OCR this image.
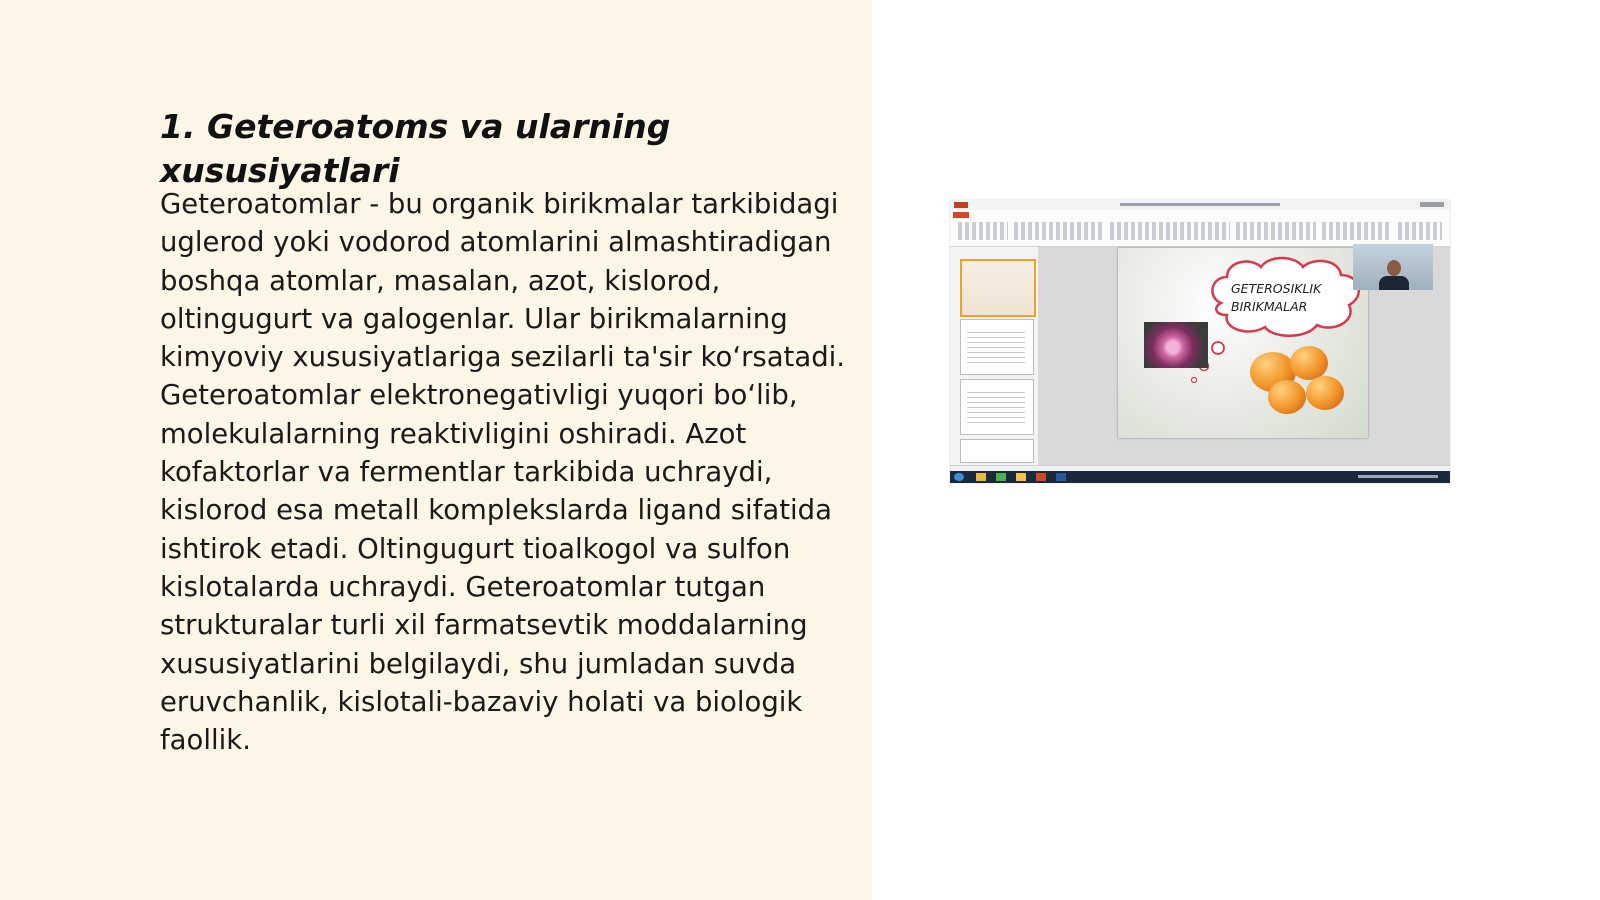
1. Geteroatoms va ularning xususiyatlari

Geteroatomlar - bu organik birikmalar tarkibidagi uglerod yoki vodorod atomlarini almashtiradigan boshqa atomlar, masalan, azot, kislorod, oltingugurt va galogenlar. Ular birikmalarning kimyoviy xususiyatlariga sezilarli ta'sir ko‘rsatadi. Geteroatomlar elektronegativligi yuqori bo‘lib, molekulalarning reaktivligini oshiradi. Azot kofaktorlar va fermentlar tarkibida uchraydi, kislorod esa metall komplekslarda ligand sifatida ishtirok etadi. Oltingugurt tioalkogol va sulfon kislotalarda uchraydi. Geteroatomlar tutgan strukturalar turli xil farmatsevtik moddalarning xususiyatlarini belgilaydi, shu jumladan suvda eruvchanlik, kislotali-bazaviy holati va biologik faollik.

GETEROSIKLIK
BIRIKMALAR
